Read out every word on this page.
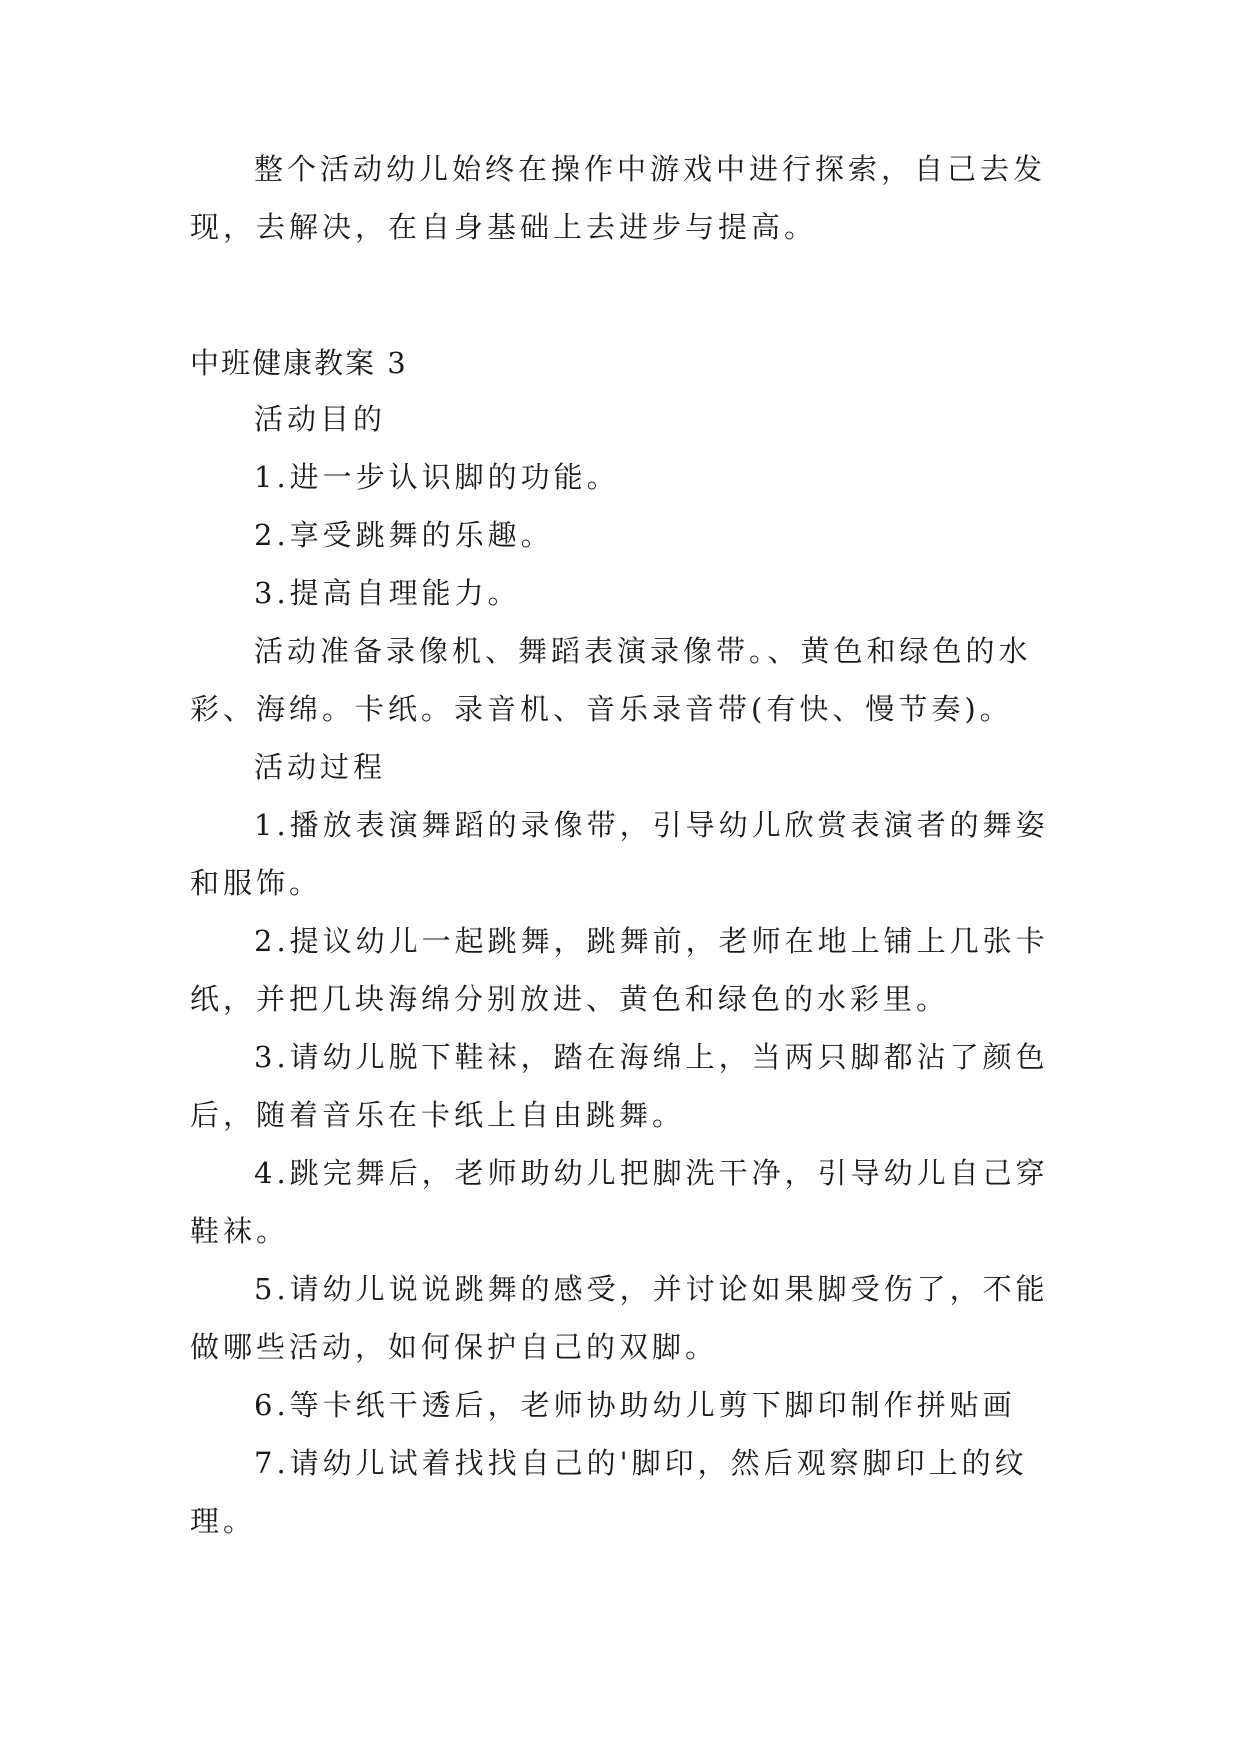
整个活动幼儿始终在操作中游戏中进行探索，自己去发现，去解决，在自身基础上去进步与提高。

中班健康教案 3

活动目的

1.进一步认识脚的功能。

2.享受跳舞的乐趣。

3.提高自理能力。

活动准备录像机、舞蹈表演录像带。、黄色和绿色的水彩、海绵。卡纸。录音机、音乐录音带(有快、慢节奏)。

活动过程

1.播放表演舞蹈的录像带，引导幼儿欣赏表演者的舞姿和服饰。

2.提议幼儿一起跳舞，跳舞前，老师在地上铺上几张卡纸，并把几块海绵分别放进、黄色和绿色的水彩里。

3.请幼儿脱下鞋袜，踏在海绵上，当两只脚都沾了颜色后，随着音乐在卡纸上自由跳舞。

4.跳完舞后，老师助幼儿把脚洗干净，引导幼儿自己穿鞋袜。

5.请幼儿说说跳舞的感受，并讨论如果脚受伤了，不能做哪些活动，如何保护自己的双脚。

6.等卡纸干透后，老师协助幼儿剪下脚印制作拼贴画

7.请幼儿试着找找自己的'脚印，然后观察脚印上的纹理。
